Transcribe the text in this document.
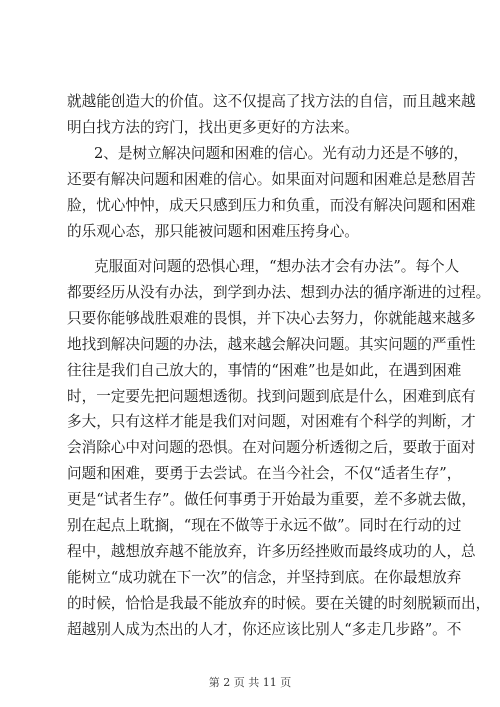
就越能创造大的价值。这不仅提高了找方法的自信，而且越来越
明白找方法的窍门，找出更多更好的方法来。
2、是树立解决问题和困难的信心。光有动力还是不够的，
还要有解决问题和困难的信心。如果面对问题和困难总是愁眉苦
脸，忧心忡忡，成天只感到压力和负重，而没有解决问题和困难
的乐观心态，那只能被问题和困难压挎身心。
克服面对问题的恐惧心理，“想办法才会有办法”。每个人
都要经历从没有办法，到学到办法、想到办法的循序渐进的过程。
只要你能够战胜艰难的畏惧，并下决心去努力，你就能越来越多
地找到解决问题的办法，越来越会解决问题。其实问题的严重性
往往是我们自己放大的，事情的“困难”也是如此，在遇到困难
时，一定要先把问题想透彻。找到问题到底是什么，困难到底有
多大，只有这样才能是我们对问题，对困难有个科学的判断，才
会消除心中对问题的恐惧。在对问题分析透彻之后，要敢于面对
问题和困难，要勇于去尝试。在当今社会，不仅“适者生存”，
更是“试者生存”。做任何事勇于开始最为重要，差不多就去做，
别在起点上耽搁，“现在不做等于永远不做”。同时在行动的过
程中，越想放弃越不能放弃，许多历经挫败而最终成功的人，总
能树立“成功就在下一次”的信念，并坚持到底。在你最想放弃
的时候，恰恰是我最不能放弃的时候。要在关键的时刻脱颖而出，
超越别人成为杰出的人才，你还应该比别人“多走几步路”。不
第 2 页 共 11 页
